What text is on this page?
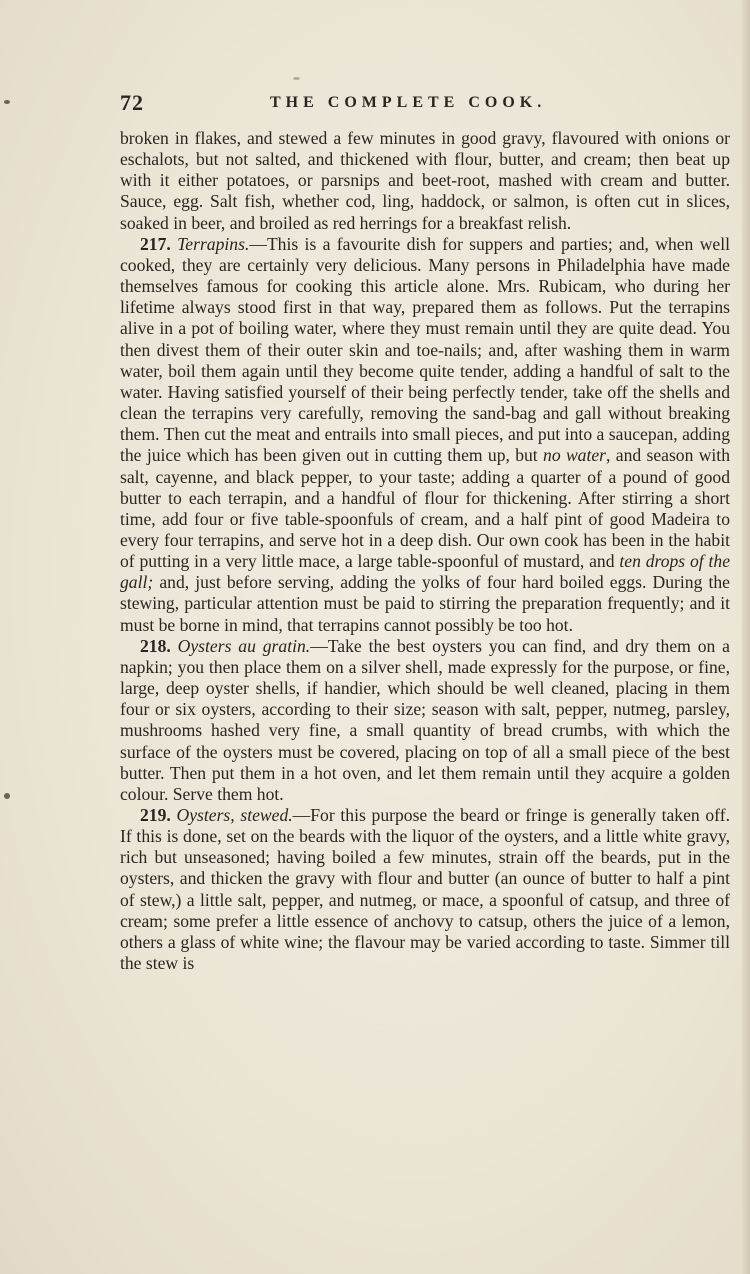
72	THE COMPLETE COOK.

broken in flakes, and stewed a few minutes in good gravy, flavoured with onions or eschalots, but not salted, and thickened with flour, butter, and cream; then beat up with it either potatoes, or parsnips and beet-root, mashed with cream and butter. Sauce, egg. Salt fish, whether cod, ling, haddock, or salmon, is often cut in slices, soaked in beer, and broiled as red herrings for a breakfast relish.

217. Terrapins.—This is a favourite dish for suppers and parties; and, when well cooked, they are certainly very delicious. Many persons in Philadelphia have made themselves famous for cooking this article alone. Mrs. Rubicam, who during her lifetime always stood first in that way, prepared them as follows. Put the terrapins alive in a pot of boiling water, where they must remain until they are quite dead. You then divest them of their outer skin and toe-nails; and, after washing them in warm water, boil them again until they become quite tender, adding a handful of salt to the water. Having satisfied yourself of their being perfectly tender, take off the shells and clean the terrapins very carefully, removing the sand-bag and gall without breaking them. Then cut the meat and entrails into small pieces, and put into a saucepan, adding the juice which has been given out in cutting them up, but no water, and season with salt, cayenne, and black pepper, to your taste; adding a quarter of a pound of good butter to each terrapin, and a handful of flour for thickening. After stirring a short time, add four or five table-spoonfuls of cream, and a half pint of good Madeira to every four terrapins, and serve hot in a deep dish. Our own cook has been in the habit of putting in a very little mace, a large table-spoonful of mustard, and ten drops of the gall; and, just before serving, adding the yolks of four hard boiled eggs. During the stewing, particular attention must be paid to stirring the preparation frequently; and it must be borne in mind, that terrapins cannot possibly be too hot.

218. Oysters au gratin.—Take the best oysters you can find, and dry them on a napkin; you then place them on a silver shell, made expressly for the purpose, or fine, large, deep oyster shells, if handier, which should be well cleaned, placing in them four or six oysters, according to their size; season with salt, pepper, nutmeg, parsley, mushrooms hashed very fine, a small quantity of bread crumbs, with which the surface of the oysters must be covered, placing on top of all a small piece of the best butter. Then put them in a hot oven, and let them remain until they acquire a golden colour. Serve them hot.

219. Oysters, stewed.—For this purpose the beard or fringe is generally taken off. If this is done, set on the beards with the liquor of the oysters, and a little white gravy, rich but unseasoned; having boiled a few minutes, strain off the beards, put in the oysters, and thicken the gravy with flour and butter (an ounce of butter to half a pint of stew,) a little salt, pepper, and nutmeg, or mace, a spoonful of catsup, and three of cream; some prefer a little essence of anchovy to catsup, others the juice of a lemon, others a glass of white wine; the flavour may be varied according to taste. Simmer till the stew is
